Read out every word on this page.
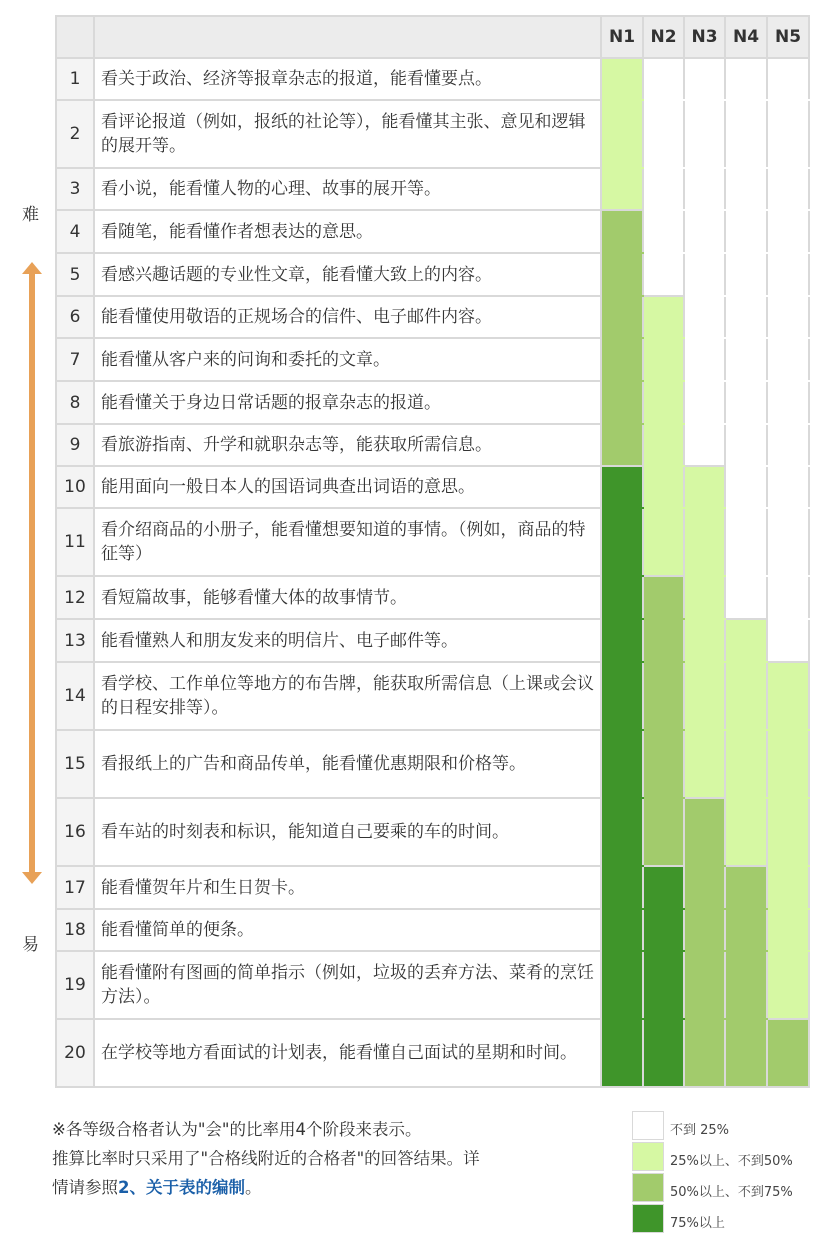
		N1	N2	N3	N4	N5
1	看关于政治、经济等报章杂志的报道，能看懂要点。					
2	看评论报道（例如，报纸的社论等），能看懂其主张、意见和逻辑的展开等。					
3	看小说，能看懂人物的心理、故事的展开等。					
4	看随笔，能看懂作者想表达的意思。					
5	看感兴趣话题的专业性文章，能看懂大致上的内容。					
6	能看懂使用敬语的正规场合的信件、电子邮件内容。					
7	能看懂从客户来的问询和委托的文章。					
8	能看懂关于身边日常话题的报章杂志的报道。					
9	看旅游指南、升学和就职杂志等，能获取所需信息。					
10	能用面向一般日本人的国语词典查出词语的意思。					
11	看介绍商品的小册子，能看懂想要知道的事情。（例如，商品的特征等）					
12	看短篇故事，能够看懂大体的故事情节。					
13	能看懂熟人和朋友发来的明信片、电子邮件等。					
14	看学校、工作单位等地方的布告牌，能获取所需信息（上课或会议的日程安排等）。					
15	看报纸上的广告和商品传单，能看懂优惠期限和价格等。					
16	看车站的时刻表和标识，能知道自己要乘的车的时间。					
17	能看懂贺年片和生日贺卡。					
18	能看懂简单的便条。					
19	能看懂附有图画的简单指示（例如，垃圾的丢弃方法、菜肴的烹饪方法）。					
20	在学校等地方看面试的计划表，能看懂自己面试的星期和时间。					
难
易
※各等级合格者认为"会"的比率用4个阶段来表示。
推算比率时只采用了"合格线附近的合格者"的回答结果。详
情请参照2、关于表的编制。
不到 25%
25%以上、不到50%
50%以上、不到75%
75%以上
